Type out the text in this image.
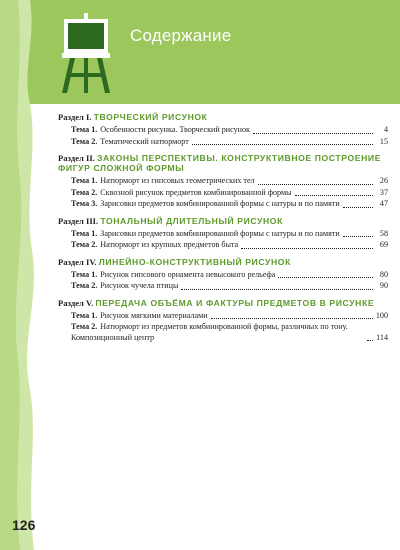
Содержание
Раздел I. ТВОРЧЕСКИЙ РИСУНОК
Тема 1. Особенности рисунка. Творческий рисунок	4
Тема 2. Тематический натюрморт	15
Раздел II. ЗАКОНЫ ПЕРСПЕКТИВЫ. КОНСТРУКТИВНОЕ ПОСТРОЕНИЕ ФИГУР СЛОЖНОЙ ФОРМЫ
Тема 1. Натюрморт из гипсовых геометрических тел	26
Тема 2. Сквозной рисунок предметов комбинированной формы	37
Тема 3. Зарисовки предметов комбинированной формы с натуры и по памяти	47
Раздел III. ТОНАЛЬНЫЙ ДЛИТЕЛЬНЫЙ РИСУНОК
Тема 1. Зарисовки предметов комбинированной формы с натуры и по памяти	58
Тема 2. Натюрморт из крупных предметов быта	69
Раздел IV. ЛИНЕЙНО-КОНСТРУКТИВНЫЙ РИСУНОК
Тема 1. Рисунок гипсового орнамента невысокого рельефа	80
Тема 2. Рисунок чучела птицы	90
Раздел V. ПЕРЕДАЧА ОБЪЁМА И ФАКТУРЫ ПРЕДМЕТОВ В РИСУНКЕ
Тема 1. Рисунок мягкими материалами	100
Тема 2. Натюрморт из предметов комбинированной формы, различных по тону. Композиционный центр	114
126
